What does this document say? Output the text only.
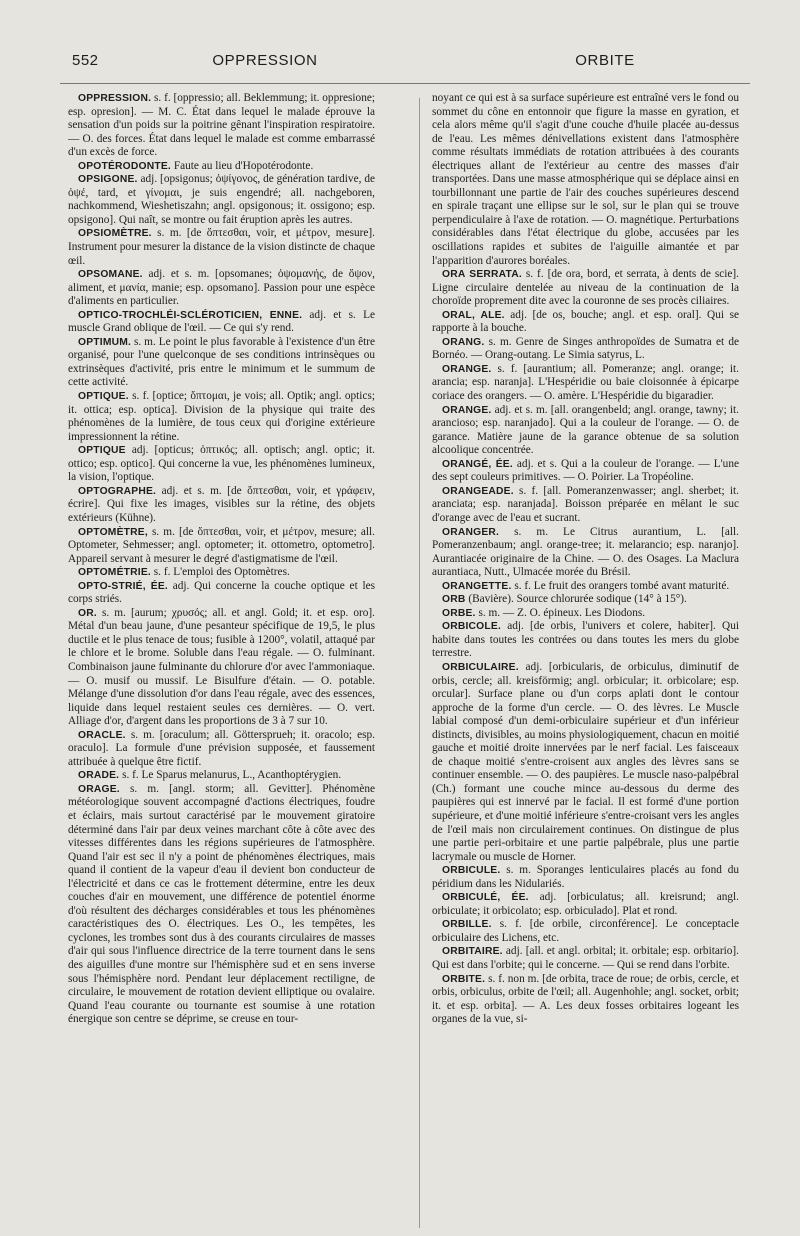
552	OPPRESSION	ORBITE

OPPRESSION. s. f. [oppressio; all. Beklemmung; it. oppresione; esp. opresion]. — M. C. État dans lequel le malade éprouve la sensation d'un poids sur la poitrine gênant l'inspiration respiratoire. — O. des forces. État dans lequel le malade est comme embarrassé d'un excès de force.

OPOTÉRODONTE. Faute au lieu d'Hopotérodonte.

OPSIGONE. adj. [opsigonus; ὀψίγονος, de génération tardive, de ὀψέ, tard, et γίνομαι, je suis engendré; all. nachgeboren, nachkommend, Wieshetiszahn; angl. opsigonous; it. ossigono; esp. opsigono]. Qui naît, se montre ou fait éruption après les autres.

OPSIOMÈTRE. s. m. [de ὄπτεσθαι, voir, et μέτρον, mesure]. Instrument pour mesurer la distance de la vision distincte de chaque œil.

OPSOMANE. adj. et s. m. [opsomanes; ὀψομανής, de ὄψον, aliment, et μανία, manie; esp. opsomano]. Passion pour une espèce d'aliments en particulier.

OPTICO-TROCHLÉI-SCLÉROTICIEN, ENNE. adj. et s. Le muscle Grand oblique de l'œil. — Ce qui s'y rend.

OPTIMUM. s. m. Le point le plus favorable à l'existence d'un être organisé, pour l'une quelconque de ses conditions intrinsèques ou extrinsèques d'activité, pris entre le minimum et le summum de cette activité.

OPTIQUE. s. f. [optice; ὄπτομαι, je vois; all. Optik; angl. optics; it. ottica; esp. optica]. Division de la physique qui traite des phénomènes de la lumière, de tous ceux qui d'origine extérieure impressionnent la rétine.

OPTIQUE adj. [opticus; ὀπτικός; all. optisch; angl. optic; it. ottico; esp. optico]. Qui concerne la vue, les phénomènes lumineux, la vision, l'optique.

OPTOGRAPHE. adj. et s. m. [de ὄπτεσθαι, voir, et γράφειν, écrire]. Qui fixe les images, visibles sur la rétine, des objets extérieurs (Kühne).

OPTOMÈTRE, s. m. [de ὄπτεσθαι, voir, et μέτρον, mesure; all. Optometer, Sehmesser; angl. optometer; it. ottometro, optometro]. Appareil servant à mesurer le degré d'astigmatisme de l'œil.

OPTOMÉTRIE. s. f. L'emploi des Optomètres.

OPTO-STRIÉ, ÉE. adj. Qui concerne la couche optique et les corps striés.

OR. s. m. [aurum; χρυσός; all. et angl. Gold; it. et esp. oro]. Métal d'un beau jaune, d'une pesanteur spécifique de 19,5, le plus ductile et le plus tenace de tous; fusible à 1200°, volatil, attaqué par le chlore et le brome. Soluble dans l'eau régale. — O. fulminant. Combinaison jaune fulminante du chlorure d'or avec l'ammoniaque. — O. musif ou mussif. Le Bisulfure d'étain. — O. potable. Mélange d'une dissolution d'or dans l'eau régale, avec des essences, liquide dans lequel restaient seules ces dernières. — O. vert. Alliage d'or, d'argent dans les proportions de 3 à 7 sur 10.

ORACLE. s. m. [oraculum; all. Göttersprueh; it. oracolo; esp. oraculo]. La formule d'une prévision supposée, et faussement attribuée à quelque être fictif.

ORADE. s. f. Le Sparus melanurus, L., Acanthoptérygien.

ORAGE. s. m. [angl. storm; all. Gevitter]. Phénomène météorologique souvent accompagné d'actions électriques, foudre et éclairs, mais surtout caractérisé par le mouvement giratoire déterminé dans l'air par deux veines marchant côte à côte avec des vitesses différentes dans les régions supérieures de l'atmosphère. Quand l'air est sec il n'y a point de phénomènes électriques, mais quand il contient de la vapeur d'eau il devient bon conducteur de l'électricité et dans ce cas le frottement détermine, entre les deux couches d'air en mouvement, une différence de potentiel énorme d'où résultent des décharges considérables et tous les phénomènes caractéristiques des O. électriques. Les O., les tempêtes, les cyclones, les trombes sont dus à des courants circulaires de masses d'air qui sous l'influence directrice de la terre tournent dans le sens des aiguilles d'une montre sur l'hémisphère sud et en sens inverse sous l'hémisphère nord. Pendant leur déplacement rectiligne, de circulaire, le mouvement de rotation devient elliptique ou ovalaire. Quand l'eau courante ou tournante est soumise à une rotation énergique son centre se déprime, se creuse en tour-

noyant ce qui est à sa surface supérieure est entraîné vers le fond ou sommet du cône en entonnoir que figure la masse en gyration, et cela alors même qu'il s'agit d'une couche d'huile placée au-dessus de l'eau. Les mêmes dénivellations existent dans l'atmosphère comme résultats immédiats de rotation attribuées à des courants électriques allant de l'extérieur au centre des masses d'air transportées. Dans une masse atmosphérique qui se déplace ainsi en tourbillonnant une partie de l'air des couches supérieures descend en spirale traçant une ellipse sur le sol, sur le plan qui se trouve perpendiculaire à l'axe de rotation. — O. magnétique. Perturbations considérables dans l'état électrique du globe, accusées par les oscillations rapides et subites de l'aiguille aimantée et par l'apparition d'aurores boréales.

ORA SERRATA. s. f. [de ora, bord, et serrata, à dents de scie]. Ligne circulaire dentelée au niveau de la continuation de la choroïde proprement dite avec la couronne de ses procès ciliaires.

ORAL, ALE. adj. [de os, bouche; angl. et esp. oral]. Qui se rapporte à la bouche.

ORANG. s. m. Genre de Singes anthropoïdes de Sumatra et de Bornéo. — Orang-outang. Le Simia satyrus, L.

ORANGE. s. f. [aurantium; all. Pomeranze; angl. orange; it. arancia; esp. naranja]. L'Hespéridie ou baie cloisonnée à épicarpe coriace des orangers. — O. amère. L'Hespéridie du bigaradier.

ORANGE. adj. et s. m. [all. orangenbeld; angl. orange, tawny; it. arancioso; esp. naranjado]. Qui a la couleur de l'orange. — O. de garance. Matière jaune de la garance obtenue de sa solution alcoolique concentrée.

ORANGÉ, ÉE. adj. et s. Qui a la couleur de l'orange. — L'une des sept couleurs primitives. — O. Poirier. La Tropéoline.

ORANGEADE. s. f. [all. Pomeranzenwasser; angl. sherbet; it. aranciata; esp. naranjada]. Boisson préparée en mêlant le suc d'orange avec de l'eau et sucrant.

ORANGER. s. m. Le Citrus aurantium, L. [all. Pomeranzenbaum; angl. orange-tree; it. melarancio; esp. naranjo]. Aurantiacée originaire de la Chine. — O. des Osages. La Maclura aurantiaca, Nutt., Ulmacée morée du Brésil.

ORANGETTE. s. f. Le fruit des orangers tombé avant maturité.

ORB (Bavière). Source chlorurée sodique (14° à 15°).

ORBE. s. m. — Z. O. épineux. Les Diodons.

ORBICOLE. adj. [de orbis, l'univers et colere, habiter]. Qui habite dans toutes les contrées ou dans toutes les mers du globe terrestre.

ORBICULAIRE. adj. [orbicularis, de orbiculus, diminutif de orbis, cercle; all. kreisförmig; angl. orbicular; it. orbicolare; esp. orcular]. Surface plane ou d'un corps aplati dont le contour approche de la forme d'un cercle. — O. des lèvres. Le Muscle labial composé d'un demi-orbiculaire supérieur et d'un inférieur distincts, divisibles, au moins physiologiquement, chacun en moitié gauche et moitié droite innervées par le nerf facial. Les faisceaux de chaque moitié s'entre-croisent aux angles des lèvres sans se continuer ensemble. — O. des paupières. Le muscle naso-palpébral (Ch.) formant une couche mince au-dessous du derme des paupières qui est innervé par le facial. Il est formé d'une portion supérieure, et d'une moitié inférieure s'entre-croisant vers les angles de l'œil mais non circulairement continues. On distingue de plus une partie peri-orbitaire et une partie palpébrale, plus une partie lacrymale ou muscle de Horner.

ORBICULE. s. m. Sporanges lenticulaires placés au fond du péridium dans les Nidulariés.

ORBICULÉ, ÉE. adj. [orbiculatus; all. kreisrund; angl. orbiculate; it orbicolato; esp. orbiculado]. Plat et rond.

ORBILLE. s. f. [de orbile, circonférence]. Le conceptacle orbiculaire des Lichens, etc.

ORBITAIRE. adj. [all. et angl. orbital; it. orbitale; esp. orbitario]. Qui est dans l'orbite; qui le concerne. — Qui se rend dans l'orbite.

ORBITE. s. f. non m. [de orbita, trace de roue; de orbis, cercle, et orbis, orbiculus, orbite de l'œil; all. Augenhohle; angl. socket, orbit; it. et esp. orbita]. — A. Les deux fosses orbitaires logeant les organes de la vue, si-
